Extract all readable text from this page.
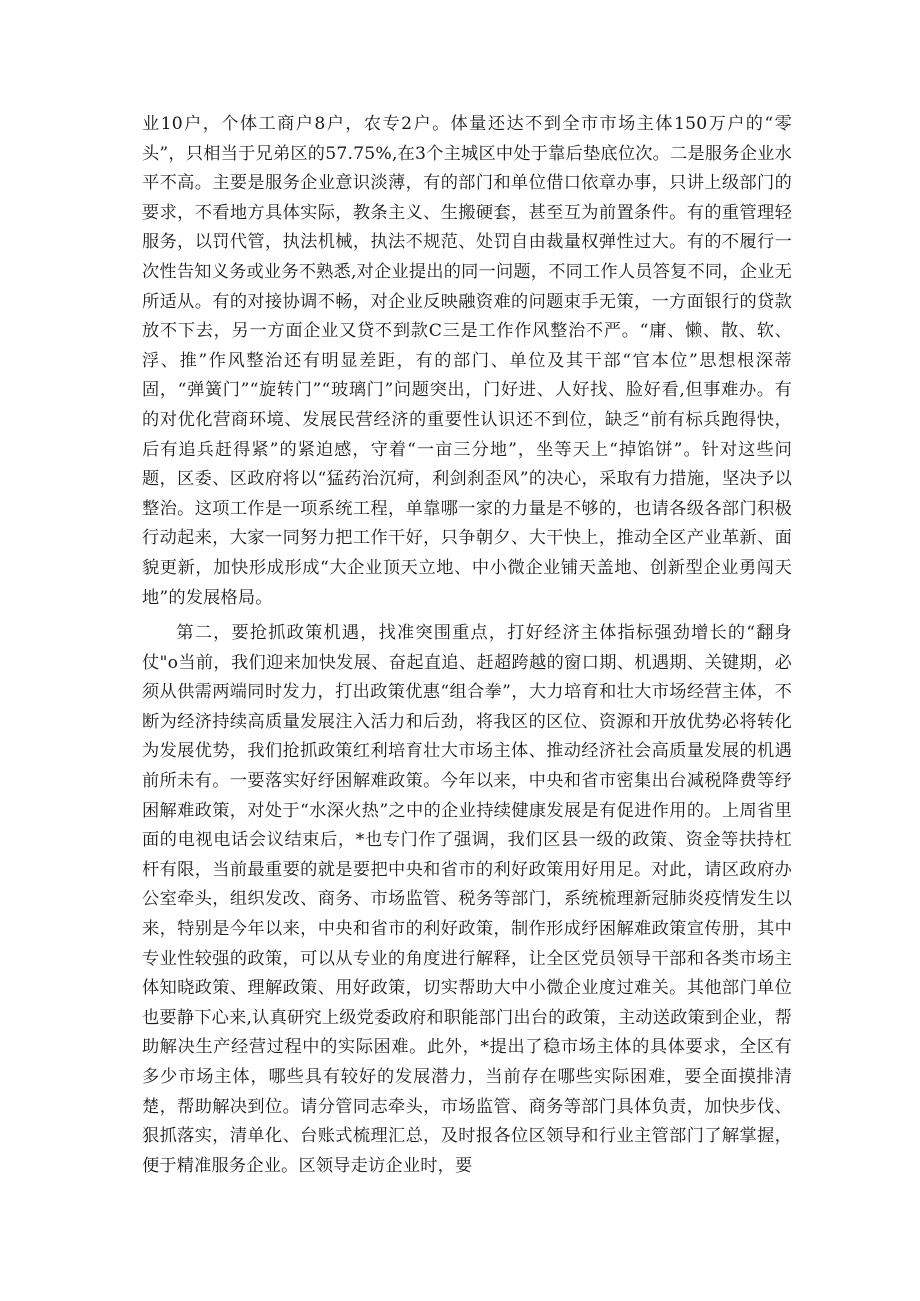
业10户，个体工商户8户，农专2户。体量还达不到全市市场主体150万户的“零头”，只相当于兄弟区的57.75%,在3个主城区中处于靠后垫底位次。二是服务企业水平不高。主要是服务企业意识淡薄，有的部门和单位借口依章办事，只讲上级部门的要求，不看地方具体实际，教条主义、生搬硬套，甚至互为前置条件。有的重管理轻服务，以罚代管，执法机械，执法不规范、处罚自由裁量权弹性过大。有的不履行一次性告知义务或业务不熟悉,对企业提出的同一问题，不同工作人员答复不同，企业无所适从。有的对接协调不畅，对企业反映融资难的问题束手无策，一方面银行的贷款放不下去，另一方面企业又贷不到款C三是工作作风整治不严。“庸、懒、散、软、浮、推”作风整治还有明显差距，有的部门、单位及其干部“官本位”思想根深蒂固，“弹簧门”“旋转门”“玻璃门”问题突出，门好进、人好找、脸好看,但事难办。有的对优化营商环境、发展民营经济的重要性认识还不到位，缺乏“前有标兵跑得快，后有追兵赶得紧”的紧迫感，守着“一亩三分地”，坐等天上“掉馅饼”。针对这些问题，区委、区政府将以“猛药治沉疴，利剑刹歪风”的决心，采取有力措施，坚决予以整治。这项工作是一项系统工程，单靠哪一家的力量是不够的，也请各级各部门积极行动起来，大家一同努力把工作干好，只争朝夕、大干快上，推动全区产业革新、面貌更新，加快形成形成“大企业顶天立地、中小微企业铺天盖地、创新型企业勇闯天地”的发展格局。

第二，要抢抓政策机遇，找准突围重点，打好经济主体指标强劲增长的“翻身仗"o当前，我们迎来加快发展、奋起直追、赶超跨越的窗口期、机遇期、关键期，必须从供需两端同时发力，打出政策优惠“组合拳”，大力培育和壮大市场经营主体，不断为经济持续高质量发展注入活力和后劲，将我区的区位、资源和开放优势必将转化为发展优势，我们抢抓政策红利培育壮大市场主体、推动经济社会高质量发展的机遇前所未有。一要落实好纾困解难政策。今年以来，中央和省市密集出台减税降费等纾困解难政策，对处于“水深火热”之中的企业持续健康发展是有促进作用的。上周省里面的电视电话会议结束后，*也专门作了强调，我们区县一级的政策、资金等扶持杠杆有限，当前最重要的就是要把中央和省市的利好政策用好用足。对此，请区政府办公室牵头，组织发改、商务、市场监管、税务等部门，系统梳理新冠肺炎疫情发生以来，特别是今年以来，中央和省市的利好政策，制作形成纾困解难政策宣传册，其中专业性较强的政策，可以从专业的角度进行解释，让全区党员领导干部和各类市场主体知晓政策、理解政策、用好政策，切实帮助大中小微企业度过难关。其他部门单位也要静下心来,认真研究上级党委政府和职能部门出台的政策，主动送政策到企业，帮助解决生产经营过程中的实际困难。此外，*提出了稳市场主体的具体要求，全区有多少市场主体，哪些具有较好的发展潜力，当前存在哪些实际困难，要全面摸排清楚，帮助解决到位。请分管同志牵头，市场监管、商务等部门具体负责，加快步伐、狠抓落实，清单化、台账式梳理汇总，及时报各位区领导和行业主管部门了解掌握，便于精准服务企业。区领导走访企业时，要
